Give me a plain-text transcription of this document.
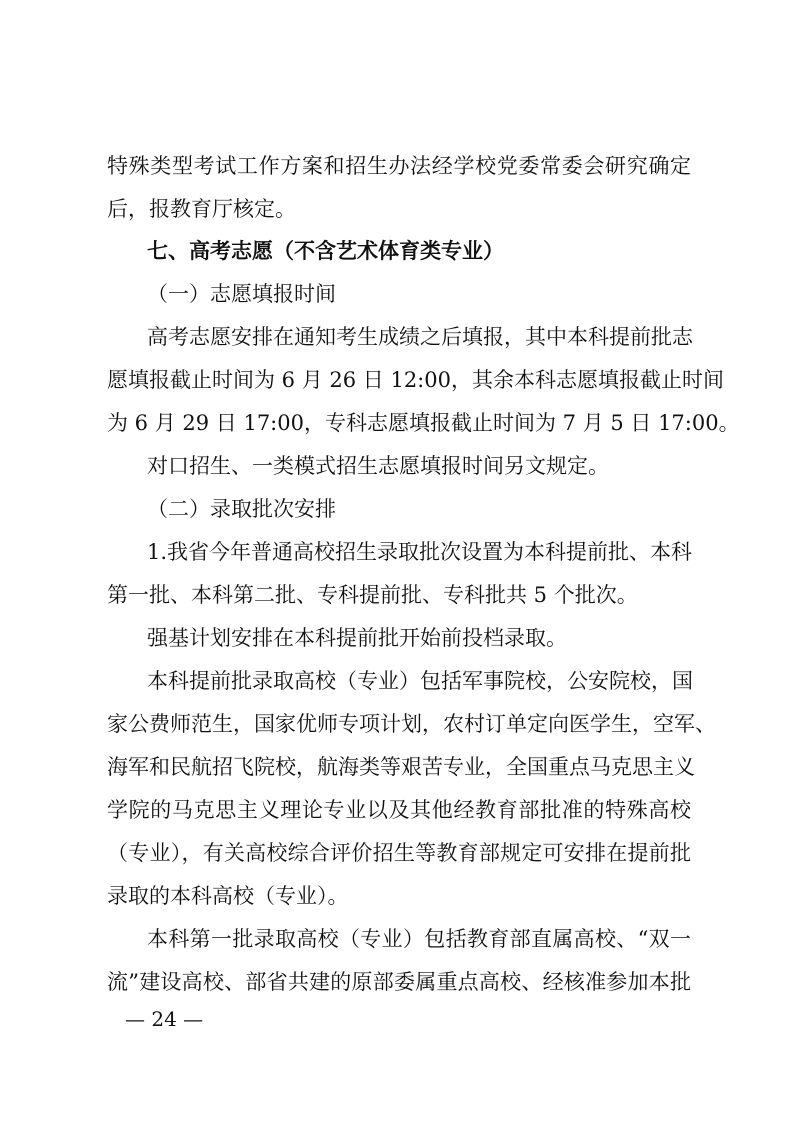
特殊类型考试工作方案和招生办法经学校党委常委会研究确定
后，报教育厅核定。
七、高考志愿（不含艺术体育类专业）
（一）志愿填报时间
高考志愿安排在通知考生成绩之后填报，其中本科提前批志
愿填报截止时间为 6 月 26 日 12:00，其余本科志愿填报截止时间
为 6 月 29 日 17:00，专科志愿填报截止时间为 7 月 5 日 17:00。
对口招生、一类模式招生志愿填报时间另文规定。
（二）录取批次安排
1.我省今年普通高校招生录取批次设置为本科提前批、本科
第一批、本科第二批、专科提前批、专科批共 5 个批次。
强基计划安排在本科提前批开始前投档录取。
本科提前批录取高校（专业）包括军事院校，公安院校，国
家公费师范生，国家优师专项计划，农村订单定向医学生，空军、
海军和民航招飞院校，航海类等艰苦专业，全国重点马克思主义
学院的马克思主义理论专业以及其他经教育部批准的特殊高校
（专业），有关高校综合评价招生等教育部规定可安排在提前批
录取的本科高校（专业）。
本科第一批录取高校（专业）包括教育部直属高校、“双一
流”建设高校、部省共建的原部委属重点高校、经核准参加本批
— 24 —
